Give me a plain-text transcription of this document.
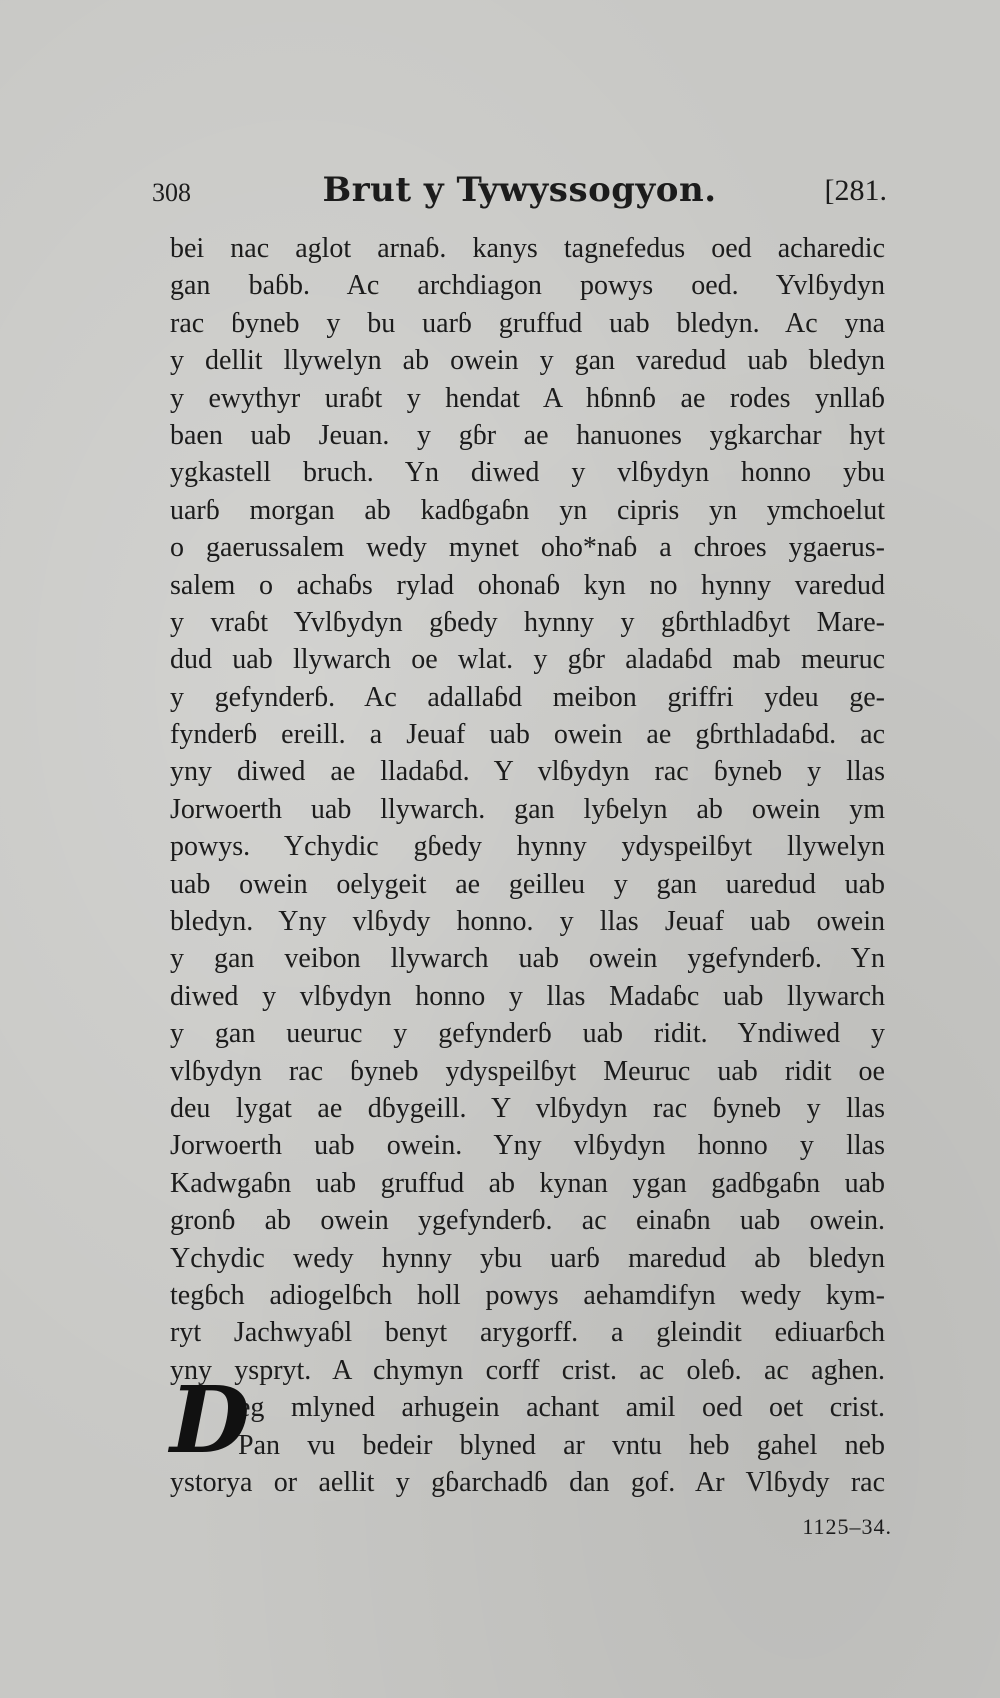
308	Brut y Tywyssogyon.	[281.
bei nac aglot arnaɓ. kanys tagnefedus oed acharedic
gan baɓb. Ac archdiagon powys oed. Yvlɓydyn
rac ɓyneb y bu uarɓ gruffud uab bledyn. Ac yna
y dellit llywelyn ab owein y gan varedud uab bledyn
y ewythyr uraɓt y hendat A hɓnnɓ ae rodes ynllaɓ
baen uab Jeuan. y gɓr ae hanuones ygkarchar hyt
ygkastell bruch. Yn diwed y vlɓydyn honno ybu
uarɓ morgan ab kadɓgaɓn yn cipris yn ymchoelut
o gaerussalem wedy mynet oho*naɓ a chroes ygaerus-
salem o achaɓs rylad ohonaɓ kyn no hynny varedud
y vraɓt Yvlɓydyn gɓedy hynny y gɓrthladɓyt Mare-
dud uab llywarch oe wlat. y gɓr aladaɓd mab meuruc
y gefynderɓ. Ac adallaɓd meibon griffri ydeu ge-
fynderɓ ereill. a Jeuaf uab owein ae gɓrthladaɓd. ac
yny diwed ae lladaɓd. Y vlɓydyn rac ɓyneb y llas
Jorwoerth uab llywarch. gan lyɓelyn ab owein ym
powys. Ychydic gɓedy hynny ydyspeilɓyt llywelyn
uab owein oelygeit ae geilleu y gan uaredud uab
bledyn. Yny vlɓydy honno. y llas Jeuaf uab owein
y gan veibon llywarch uab owein ygefynderɓ. Yn
diwed y vlɓydyn honno y llas Madaɓc uab llywarch
y gan ueuruc y gefynderɓ uab ridit. Yndiwed y
vlɓydyn rac ɓyneb ydyspeilɓyt Meuruc uab ridit oe
deu lygat ae dɓygeill. Y vlɓydyn rac ɓyneb y llas
Jorwoerth uab owein. Yny vlɓydyn honno y llas
Kadwgaɓn uab gruffud ab kynan ygan gadɓgaɓn uab
gronɓ ab owein ygefynderɓ. ac einaɓn uab owein.
Ychydic wedy hynny ybu uarɓ maredud ab bledyn
tegɓch adiogelɓch holl powys aehamdifyn wedy kym-
ryt Jachwyaɓl benyt arygorff. a gleindit ediuarɓch
yny yspryt. A chymyn corff crist. ac oleɓ. ac aghen.
eg mlyned arhugein achant amil oed oet crist.
Pan vu bedeir blyned ar vntu heb gahel neb
ystorya or aellit y gɓarchadɓ dan gof. Ar Vlɓydy rac
D
1125–34.
